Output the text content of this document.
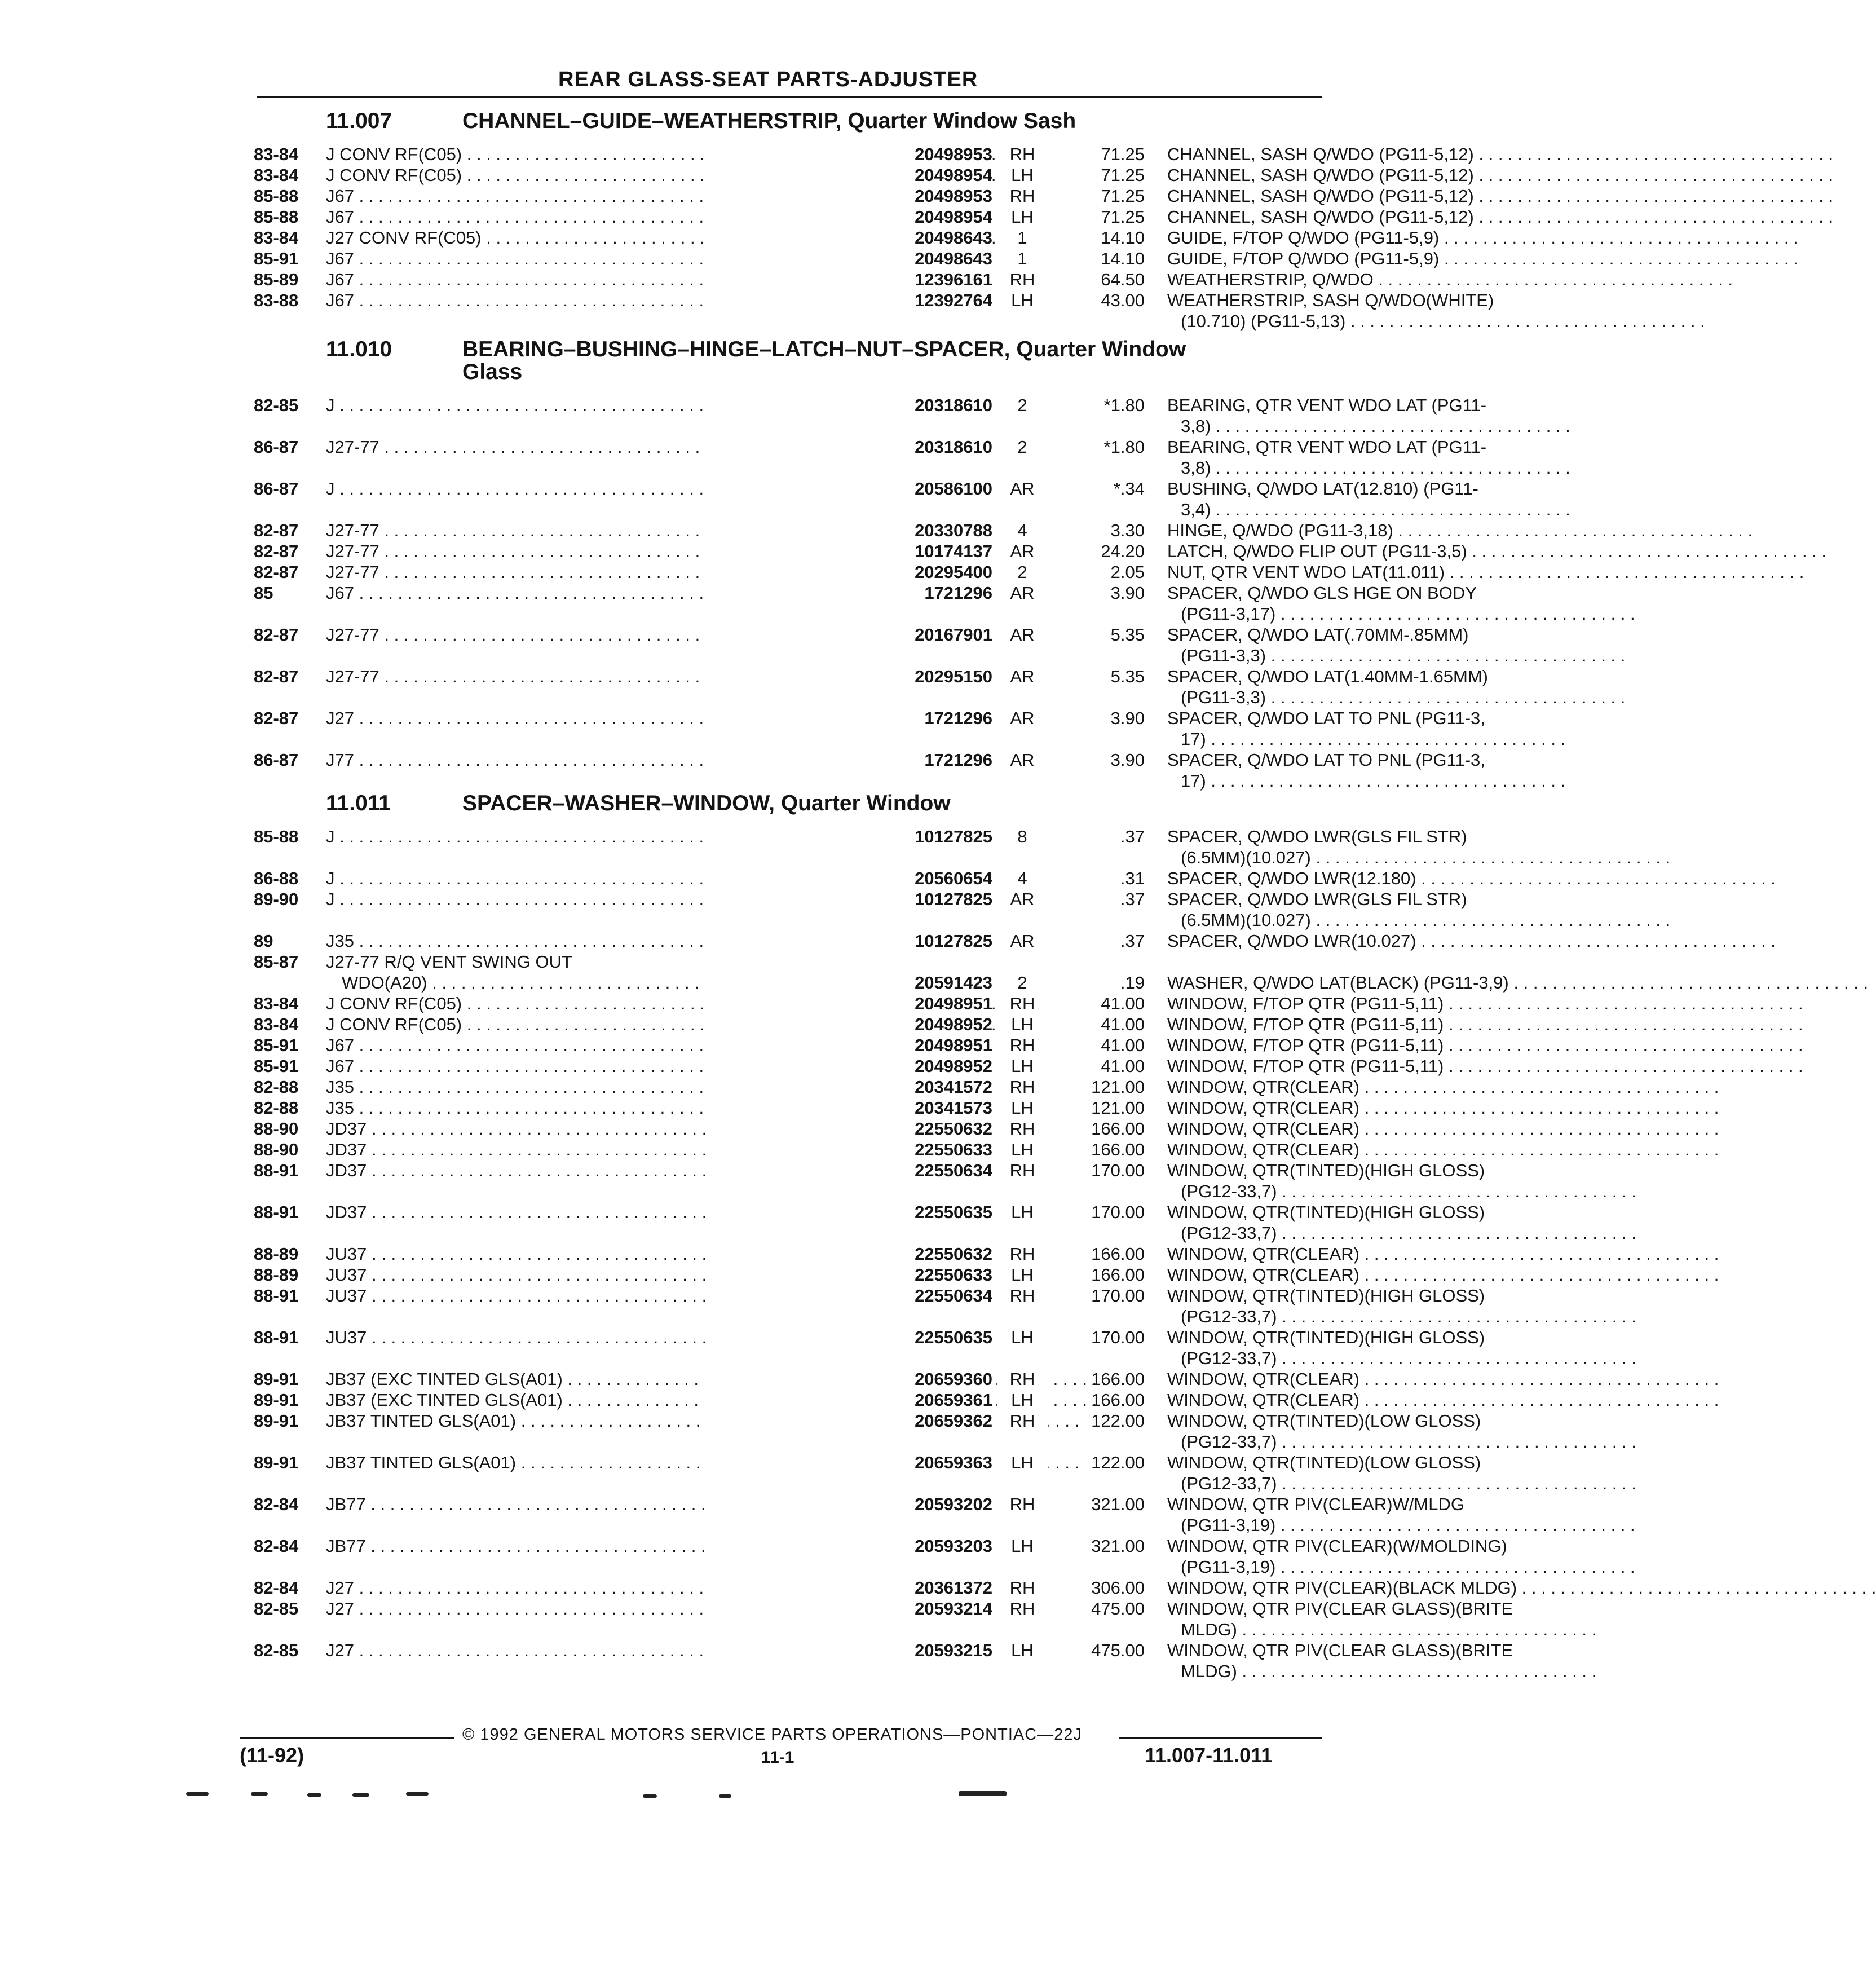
REAR GLASS-SEAT PARTS-ADJUSTER
11.007	CHANNEL–GUIDE–WEATHERSTRIP, Quarter Window Sash
83-84 J CONV RF(C05) . . .	20498953 RH	71.25 CHANNEL, SASH Q/WDO (PG11-5,12) . . .
83-84 J CONV RF(C05) . . .	20498954	LH	71.25 CHANNEL, SASH Q/WDO (PG11-5,12) . . .
85-88 J67 . . .	20498953 RH	71.25 CHANNEL, SASH Q/WDO (PG11-5,12) . . .
85-88 J67 . . .	20498954	LH	71.25 CHANNEL, SASH Q/WDO (PG11-5,12) . . .
83-84 J27 CONV RF(C05) . . .	20498643	1	14.10 GUIDE, F/TOP Q/WDO (PG11-5,9) . . .
85-91 J67 . . .	20498643	1	14.10 GUIDE, F/TOP Q/WDO (PG11-5,9) . . .
85-89 J67 . . .	12396161 RH	64.50 WEATHERSTRIP, Q/WDO . . .
83-88 J67 . . .	12392764	LH	43.00 WEATHERSTRIP, SASH Q/WDO(WHITE)
(10.710) (PG11-5,13) . . .
11.010	BEARING–BUSHING–HINGE–LATCH–NUT–SPACER, Quarter Window
Glass
82-85 J . . .	20318610	2	*1.80 BEARING, QTR VENT WDO LAT (PG11-
3,8) . . .
86-87 J27-77 . . .	20318610	2	*1.80 BEARING, QTR VENT WDO LAT (PG11-
3,8) . . .
86-87 J . . .	20586100	AR	*.34 BUSHING, Q/WDO LAT(12.810) (PG11-
3,4) . . .
82-87 J27-77 . . .	20330788	4	3.30 HINGE, Q/WDO (PG11-3,18) . . .
82-87 J27-77 . . .	10174137	AR	24.20 LATCH, Q/WDO FLIP OUT (PG11-3,5) . . .
82-87 J27-77 . . .	20295400	2	2.05 NUT, QTR VENT WDO LAT(11.011) . . .
85	J67 . . .	1721296	AR	3.90 SPACER, Q/WDO GLS HGE ON BODY
(PG11-3,17) . . .
82-87 J27-77 . . .	20167901	AR	5.35 SPACER, Q/WDO LAT(.70MM-.85MM)
(PG11-3,3) . . .
82-87 J27-77 . . .	20295150	AR	5.35 SPACER, Q/WDO LAT(1.40MM-1.65MM)
(PG11-3,3) . . .
82-87 J27 . . .	1721296	AR	3.90 SPACER, Q/WDO LAT TO PNL (PG11-3,
17) . . .
86-87 J77 . . .	1721296	AR	3.90 SPACER, Q/WDO LAT TO PNL (PG11-3,
17) . . .
11.011	SPACER–WASHER–WINDOW, Quarter Window
85-88 J . . .	10127825	8	.37 SPACER, Q/WDO LWR(GLS FIL STR)
(6.5MM)(10.027) . . .
86-88 J . . .	20560654	4	.31 SPACER, Q/WDO LWR(12.180) . . .
89-90 J . . .	10127825	AR	.37 SPACER, Q/WDO LWR(GLS FIL STR)
(6.5MM)(10.027) . . .
89	J35 . . .	10127825	AR	.37 SPACER, Q/WDO LWR(10.027) . . .
85-87 J27-77 R/Q VENT SWING OUT
WDO(A20) . . .	20591423	2	.19 WASHER, Q/WDO LAT(BLACK) (PG11-3,9) . . .
83-84 J CONV RF(C05) . . .	20498951 RH	41.00 WINDOW, F/TOP QTR (PG11-5,11) . . .
83-84 J CONV RF(C05) . . .	20498952	LH	41.00 WINDOW, F/TOP QTR (PG11-5,11) . . .
85-91 J67 . . .	20498951 RH	41.00 WINDOW, F/TOP QTR (PG11-5,11) . . .
85-91 J67 . . .	20498952	LH	41.00 WINDOW, F/TOP QTR (PG11-5,11) . . .
82-88 J35 . . .	20341572 RH	121.00 WINDOW, QTR(CLEAR) . . .
82-88 J35 . . .	20341573	LH	121.00 WINDOW, QTR(CLEAR) . . .
88-90 JD37 . . .	22550632 RH	166.00 WINDOW, QTR(CLEAR) . . .
88-90 JD37 . . .	22550633	LH	166.00 WINDOW, QTR(CLEAR) . . .
88-91 JD37 . . .	22550634 RH	170.00 WINDOW, QTR(TINTED)(HIGH GLOSS)
(PG12-33,7) . . .
88-91 JD37 . . .	22550635	LH	170.00 WINDOW, QTR(TINTED)(HIGH GLOSS)
(PG12-33,7) . . .
88-89 JU37 . . .	22550632 RH	166.00 WINDOW, QTR(CLEAR) . . .
88-89 JU37 . . .	22550633	LH	166.00 WINDOW, QTR(CLEAR) . . .
88-91 JU37 . . .	22550634 RH	170.00 WINDOW, QTR(TINTED)(HIGH GLOSS)
(PG12-33,7) . . .
88-91 JU37 . . .	22550635	LH	170.00 WINDOW, QTR(TINTED)(HIGH GLOSS)
(PG12-33,7) . . .
89-91 JB37 (EXC TINTED GLS(A01) . . .	20659360 RH	166.00 WINDOW, QTR(CLEAR) . . .
89-91 JB37 (EXC TINTED GLS(A01) . . .	20659361	LH	166.00 WINDOW, QTR(CLEAR) . . .
89-91 JB37 TINTED GLS(A01) . . .	20659362 RH	122.00 WINDOW, QTR(TINTED)(LOW GLOSS)
(PG12-33,7) . . .
89-91 JB37 TINTED GLS(A01) . . .	20659363	LH	122.00 WINDOW, QTR(TINTED)(LOW GLOSS)
(PG12-33,7) . . .
82-84 JB77 . . .	20593202 RH	321.00 WINDOW, QTR PIV(CLEAR)W/MLDG
(PG11-3,19) . . .
82-84 JB77 . . .	20593203	LH	321.00 WINDOW, QTR PIV(CLEAR)(W/MOLDING)
(PG11-3,19) . . .
82-84 J27 . . .	20361372 RH	306.00 WINDOW, QTR PIV(CLEAR)(BLACK MLDG) . . .
82-85 J27 . . .	20593214 RH	475.00 WINDOW, QTR PIV(CLEAR GLASS)(BRITE
MLDG) . . .
82-85 J27 . . .	20593215	LH	475.00 WINDOW, QTR PIV(CLEAR GLASS)(BRITE
MLDG) . . .
© 1992 GENERAL MOTORS SERVICE PARTS OPERATIONS—PONTIAC—22J
(11-92)	11-1	11.007-11.011
